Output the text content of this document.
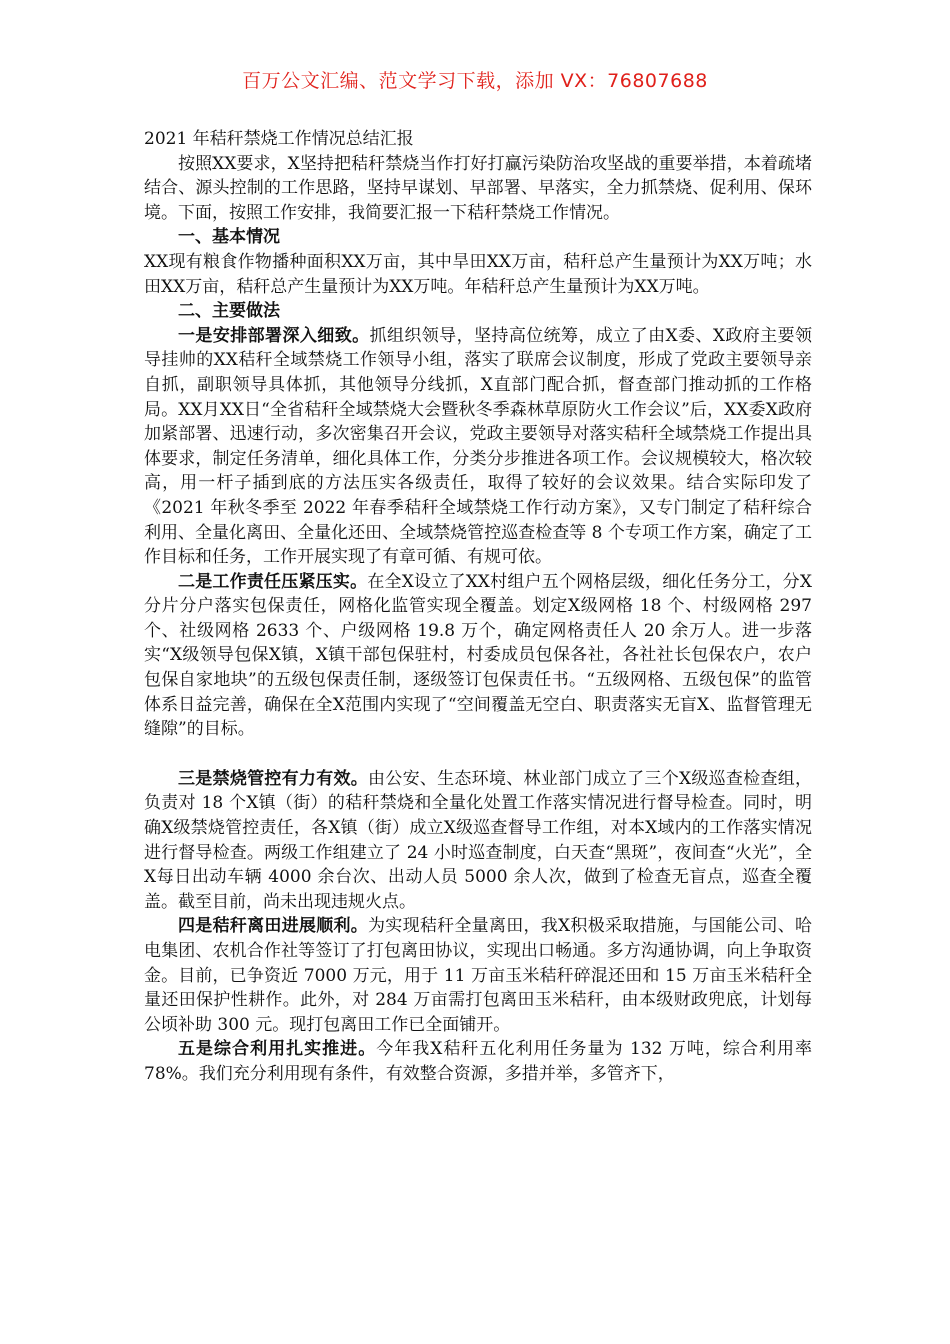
百万公文汇编、范文学习下载，添加 VX：76807688

2021 年秸秆禁烧工作情况总结汇报

按照XX要求，X坚持把秸秆禁烧当作打好打赢污染防治攻坚战的重要举措，本着疏堵结合、源头控制的工作思路，坚持早谋划、早部署、早落实，全力抓禁烧、促利用、保环境。下面，按照工作安排，我简要汇报一下秸秆禁烧工作情况。

一、基本情况

XX现有粮食作物播种面积XX万亩，其中旱田XX万亩，秸秆总产生量预计为XX万吨；水田XX万亩，秸秆总产生量预计为XX万吨。年秸秆总产生量预计为XX万吨。

二、主要做法

一是安排部署深入细致。抓组织领导，坚持高位统筹，成立了由X委、X政府主要领导挂帅的XX秸秆全域禁烧工作领导小组，落实了联席会议制度，形成了党政主要领导亲自抓，副职领导具体抓，其他领导分线抓，X直部门配合抓，督查部门推动抓的工作格局。XX月XX日“全省秸秆全域禁烧大会暨秋冬季森林草原防火工作会议”后，XX委X政府加紧部署、迅速行动，多次密集召开会议，党政主要领导对落实秸秆全域禁烧工作提出具体要求，制定任务清单，细化具体工作，分类分步推进各项工作。会议规模较大，格次较高，用一杆子插到底的方法压实各级责任，取得了较好的会议效果。结合实际印发了《2021 年秋冬季至 2022 年春季秸秆全域禁烧工作行动方案》，又专门制定了秸秆综合利用、全量化离田、全量化还田、全域禁烧管控巡查检查等 8 个专项工作方案，确定了工作目标和任务，工作开展实现了有章可循、有规可依。

二是工作责任压紧压实。在全X设立了XX村组户五个网格层级，细化任务分工，分X分片分户落实包保责任，网格化监管实现全覆盖。划定X级网格 18 个、村级网格 297 个、社级网格 2633 个、户级网格 19.8 万个，确定网格责任人 20 余万人。进一步落实“X级领导包保X镇，X镇干部包保驻村，村委成员包保各社，各社社长包保农户，农户包保自家地块”的五级包保责任制，逐级签订包保责任书。“五级网格、五级包保”的监管体系日益完善，确保在全X范围内实现了“空间覆盖无空白、职责落实无盲X、监督管理无缝隙”的目标。

三是禁烧管控有力有效。由公安、生态环境、林业部门成立了三个X级巡查检查组，负责对 18 个X镇（街）的秸秆禁烧和全量化处置工作落实情况进行督导检查。同时，明确X级禁烧管控责任，各X镇（街）成立X级巡查督导工作组，对本X域内的工作落实情况进行督导检查。两级工作组建立了 24 小时巡查制度，白天查“黑斑”，夜间查“火光”，全X每日出动车辆 4000 余台次、出动人员 5000 余人次，做到了检查无盲点，巡查全覆盖。截至目前，尚未出现违规火点。

四是秸秆离田进展顺利。为实现秸秆全量离田，我X积极采取措施，与国能公司、哈电集团、农机合作社等签订了打包离田协议，实现出口畅通。多方沟通协调，向上争取资金。目前，已争资近 7000 万元，用于 11 万亩玉米秸秆碎混还田和 15 万亩玉米秸秆全量还田保护性耕作。此外，对 284 万亩需打包离田玉米秸秆，由本级财政兜底，计划每公顷补助 300 元。现打包离田工作已全面铺开。

五是综合利用扎实推进。今年我X秸秆五化利用任务量为 132 万吨，综合利用率 78%。我们充分利用现有条件，有效整合资源，多措并举，多管齐下，
